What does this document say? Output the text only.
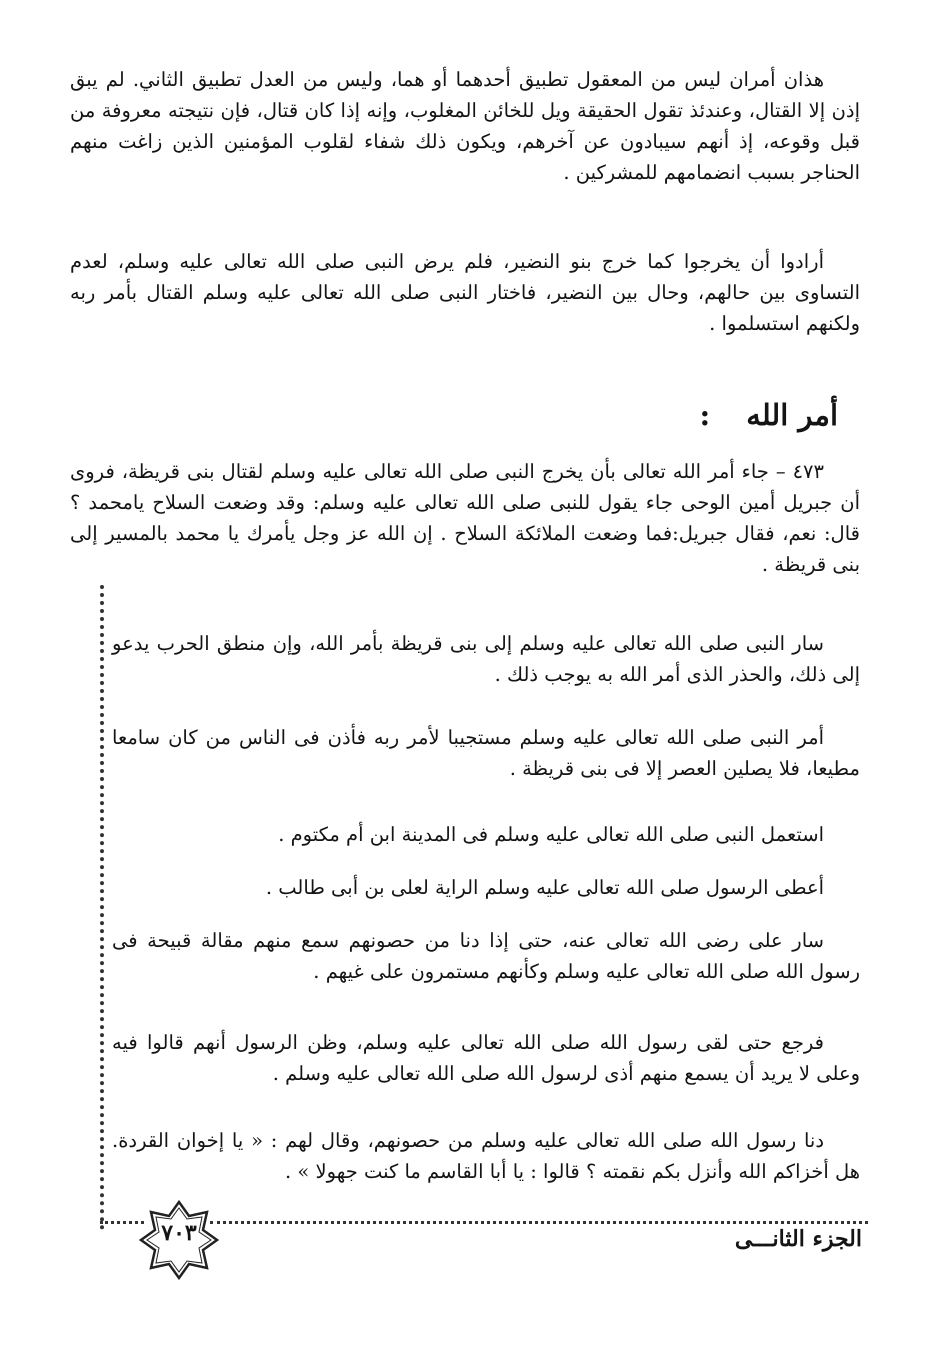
هذان أمران ليس من المعقول تطبيق أحدهما أو هما، وليس من العدل تطبيق الثاني. لم يبق إذن إلا القتال، وعندئذ تقول الحقيقة ويل للخائن المغلوب، وإنه إذا كان قتال، فإن نتيجته معروفة من قبل وقوعه، إذ أنهم سيبادون عن آخرهم، ويكون ذلك شفاء لقلوب المؤمنين الذين زاغت منهم الحناجر بسبب انضمامهم للمشركين .

أرادوا أن يخرجوا كما خرج بنو النضير، فلم يرض النبى صلى الله تعالى عليه وسلم، لعدم التساوى بين حالهم، وحال بين النضير، فاختار النبى صلى الله تعالى عليه وسلم القتال بأمر ربه ولكنهم استسلموا .

أمر الله:

٤٧٣ – جاء أمر الله تعالى بأن يخرج النبى صلى الله تعالى عليه وسلم لقتال بنى قريظة، فروى أن جبريل أمين الوحى جاء يقول للنبى صلى الله تعالى عليه وسلم: وقد وضعت السلاح يامحمد ؟ قال: نعم، فقال جبريل:فما وضعت الملائكة السلاح . إن الله عز وجل يأمرك يا محمد بالمسير إلى بنى قريظة .

سار النبى صلى الله تعالى عليه وسلم إلى بنى قريظة بأمر الله، وإن منطق الحرب يدعو إلى ذلك، والحذر الذى أمر الله به يوجب ذلك .

أمر النبى صلى الله تعالى عليه وسلم مستجيبا لأمر ربه فأذن فى الناس من كان سامعا مطيعا، فلا يصلين العصر إلا فى بنى قريظة .

استعمل النبى صلى الله تعالى عليه وسلم فى المدينة ابن أم مكتوم .

أعطى الرسول صلى الله تعالى عليه وسلم الراية لعلى بن أبى طالب .

سار على رضى الله تعالى عنه، حتى إذا دنا من حصونهم سمع منهم مقالة قبيحة فى رسول الله صلى الله تعالى عليه وسلم وكأنهم مستمرون على غيهم .

فرجع حتى لقى رسول الله صلى الله تعالى عليه وسلم، وظن الرسول أنهم قالوا فيه وعلى لا يريد أن يسمع منهم أذى لرسول الله صلى الله تعالى عليه وسلم .

دنا رسول الله صلى الله تعالى عليه وسلم من حصونهم، وقال لهم : « يا إخوان القردة. هل أخزاكم الله وأنزل بكم نقمته ؟ قالوا : يا أبا القاسم ما كنت جهولا » .

٧٠٣	الجزء الثانـــى
